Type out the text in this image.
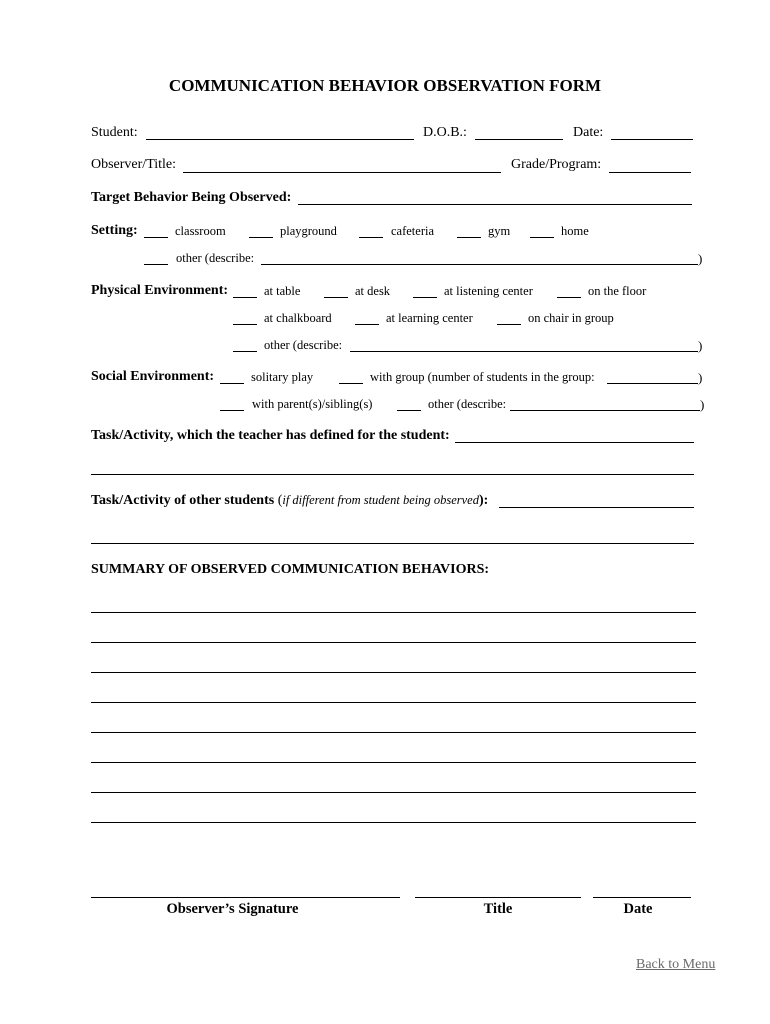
COMMUNICATION BEHAVIOR OBSERVATION FORM
Student:	D.O.B.:	Date:
Observer/Title:	Grade/Program:
Target Behavior Being Observed:
Setting:	classroom	playground	cafeteria	gym	home
other (describe:	)
Physical Environment:	at table	at desk	at listening center	on the floor
at chalkboard	at learning center	on chair in group
other (describe:	)
Social Environment:	solitary play	with group (number of students in the group:	)
with parent(s)/sibling(s)	other (describe:	)
Task/Activity, which the teacher has defined for the student:
Task/Activity of other students (if different from student being observed):
SUMMARY OF OBSERVED COMMUNICATION BEHAVIORS:
Observer’s Signature	Title	Date
Back to Menu
